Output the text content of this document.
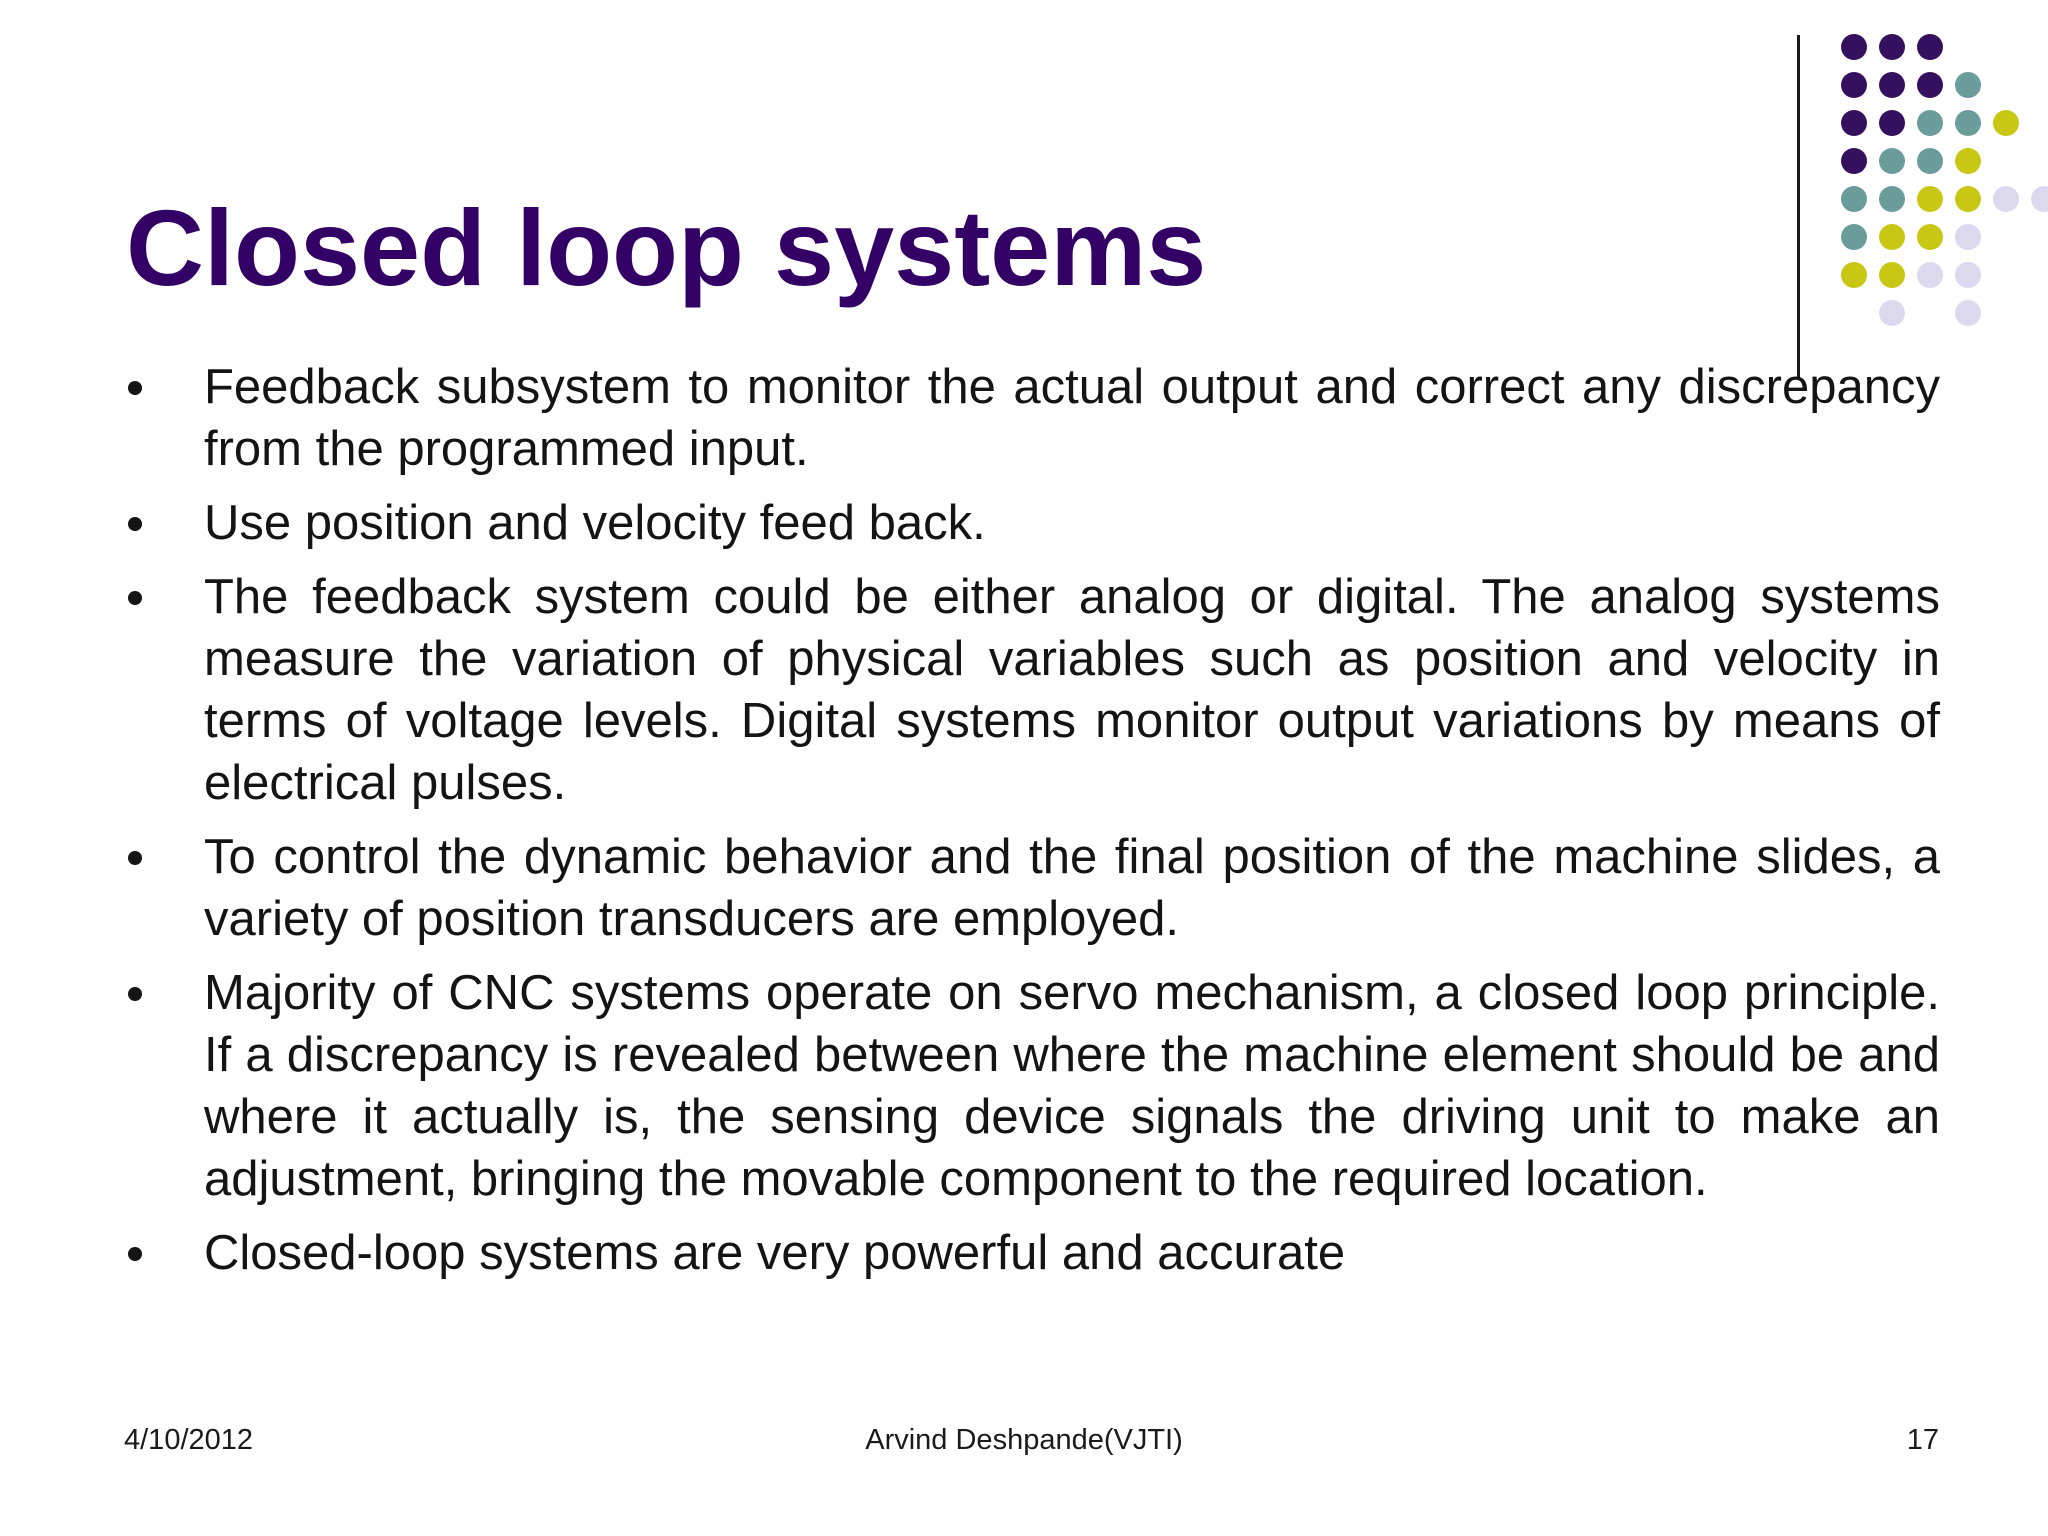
Closed loop systems
Feedback subsystem to monitor the actual output and correct any discrepancy from the programmed input.
Use position and velocity feed back.
The feedback system could be either analog or digital. The analog systems measure the variation of physical variables such as position and velocity in terms of voltage levels. Digital systems monitor output variations by means of electrical pulses.
To control the dynamic behavior and the final position of the machine slides, a variety of position transducers are employed.
Majority of CNC systems operate on servo mechanism, a closed loop principle. If a discrepancy is revealed between where the machine element should be and where it actually is, the sensing device signals the driving unit to make an adjustment, bringing the movable component to the required location.
Closed-loop systems are very powerful and accurate
4/10/2012	Arvind Deshpande(VJTI)	17
